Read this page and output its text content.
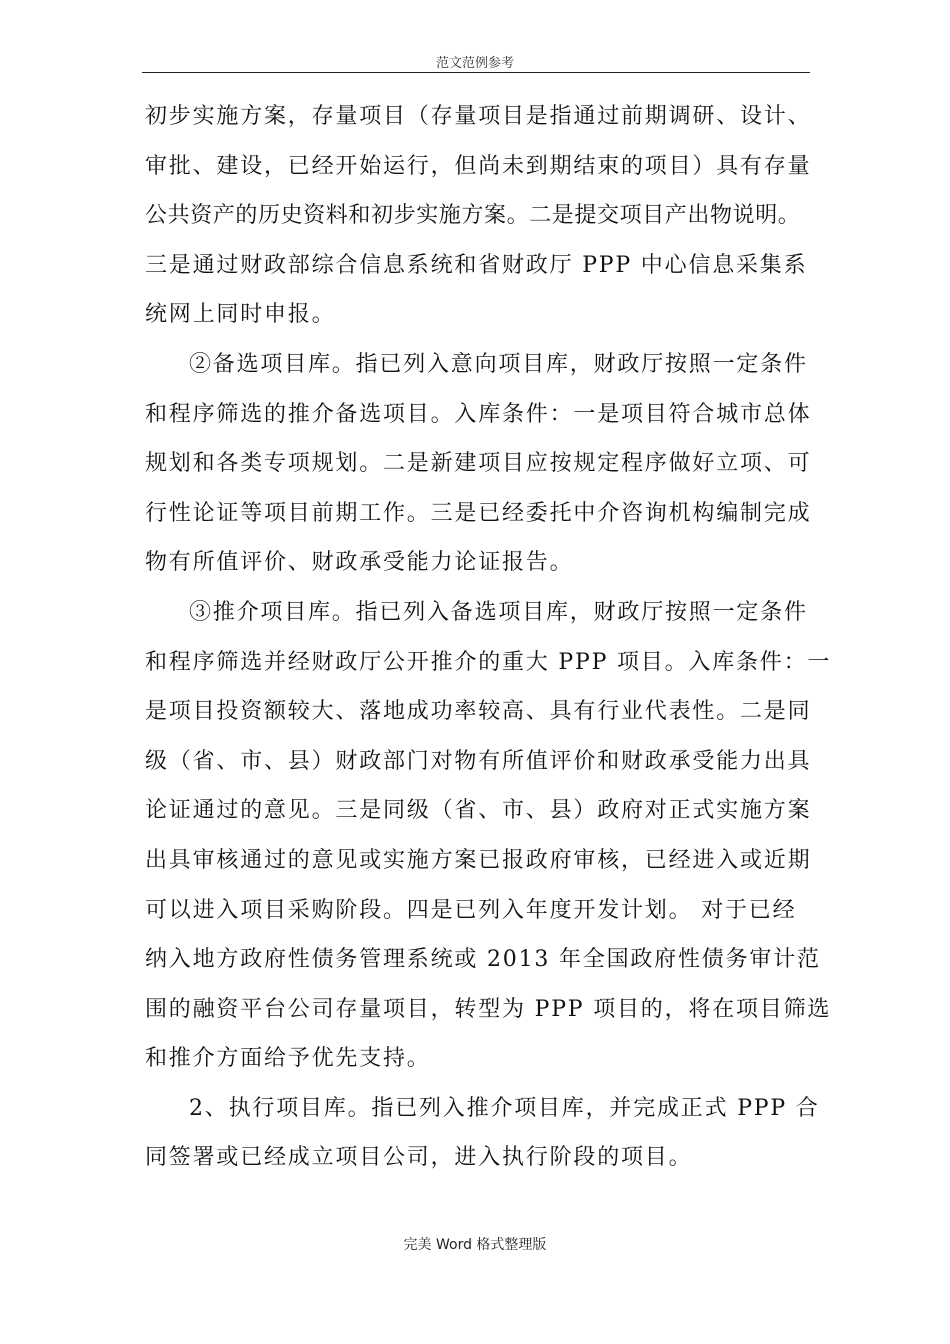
范文范例参考
初步实施方案，存量项目（存量项目是指通过前期调研、设计、
审批、建设，已经开始运行，但尚未到期结束的项目）具有存量
公共资产的历史资料和初步实施方案。二是提交项目产出物说明。
三是通过财政部综合信息系统和省财政厅 PPP 中心信息采集系
统网上同时申报。
②备选项目库。指已列入意向项目库，财政厅按照一定条件
和程序筛选的推介备选项目。入库条件：一是项目符合城市总体
规划和各类专项规划。二是新建项目应按规定程序做好立项、可
行性论证等项目前期工作。三是已经委托中介咨询机构编制完成
物有所值评价、财政承受能力论证报告。
③推介项目库。指已列入备选项目库，财政厅按照一定条件
和程序筛选并经财政厅公开推介的重大 PPP 项目。入库条件：一
是项目投资额较大、落地成功率较高、具有行业代表性。二是同
级（省、市、县）财政部门对物有所值评价和财政承受能力出具
论证通过的意见。三是同级（省、市、县）政府对正式实施方案
出具审核通过的意见或实施方案已报政府审核，已经进入或近期
可以进入项目采购阶段。四是已列入年度开发计划。 对于已经
纳入地方政府性债务管理系统或 2013 年全国政府性债务审计范
围的融资平台公司存量项目，转型为 PPP 项目的，将在项目筛选
和推介方面给予优先支持。
2、执行项目库。指已列入推介项目库，并完成正式 PPP 合
同签署或已经成立项目公司，进入执行阶段的项目。
完美 Word 格式整理版
